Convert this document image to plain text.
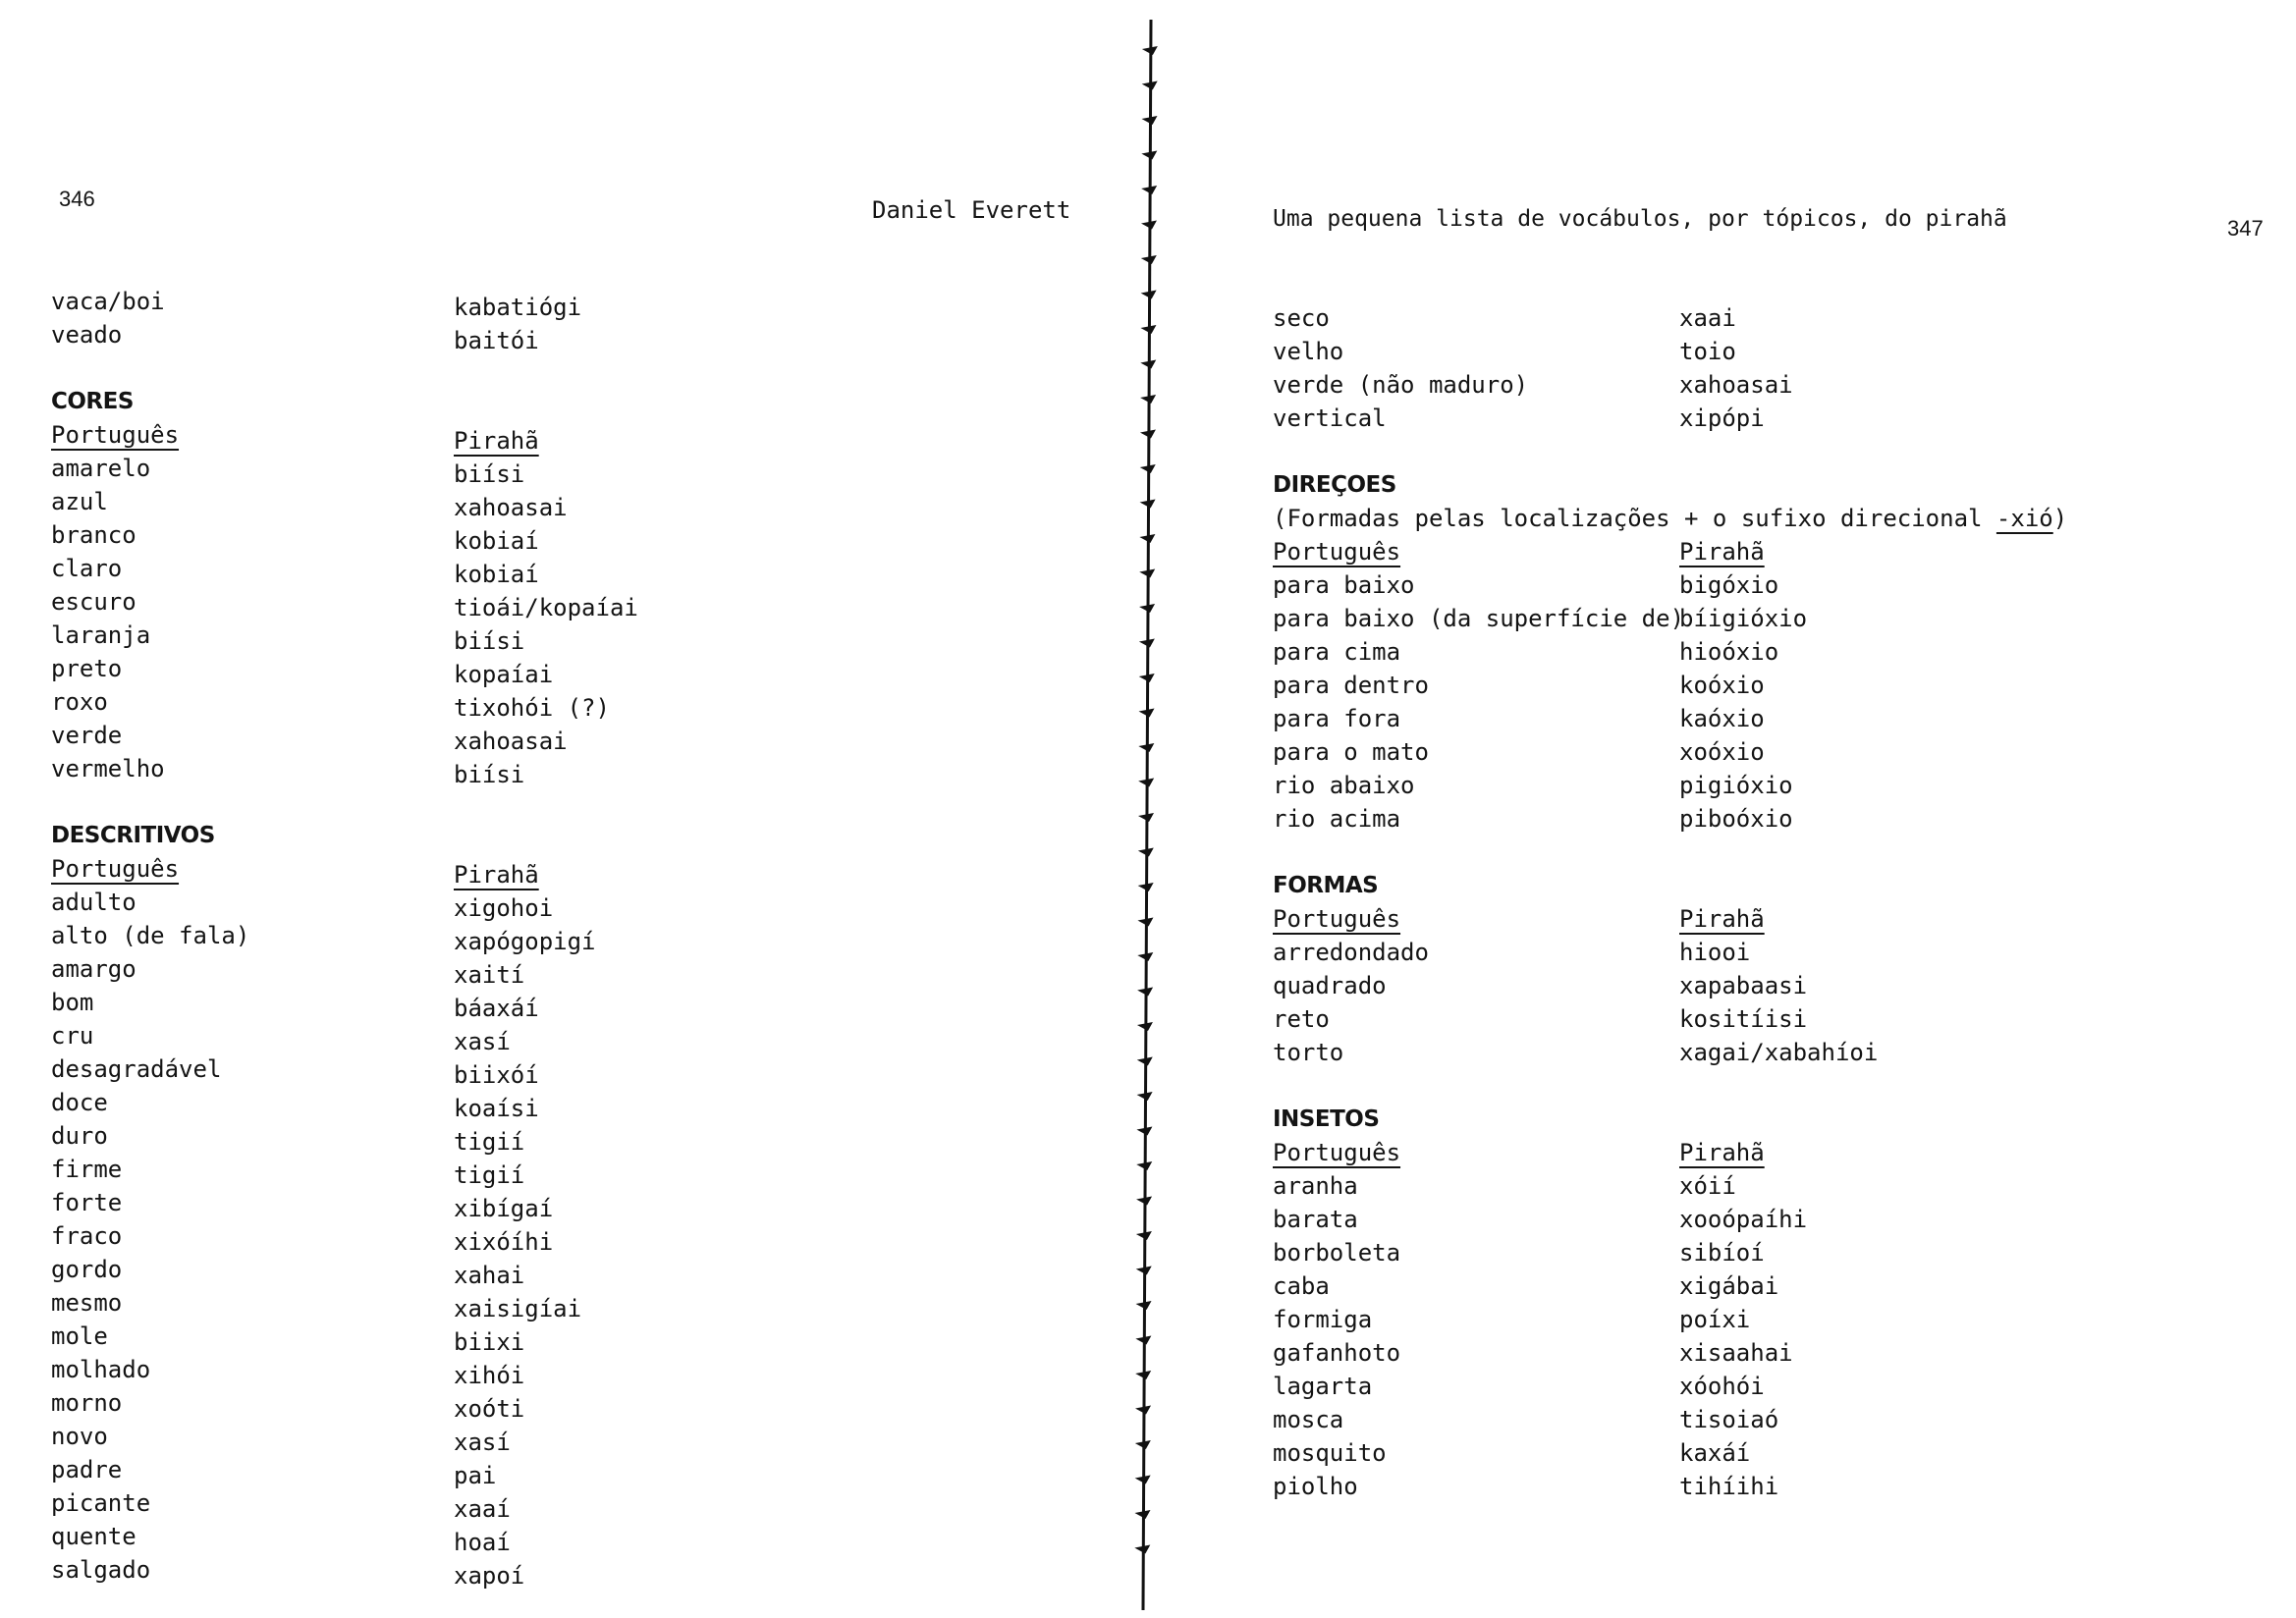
346	Daniel Everett
vaca/boi
veado
CORES
Português
amarelo
azul
branco
claro
escuro
laranja
preto
roxo
verde
vermelho
DESCRITIVOS
Português
adulto
alto (de fala)
amargo
bom
cru
desagradável
doce
duro
firme
forte
fraco
gordo
mesmo
mole
molhado
morno
novo
padre
picante
quente
salgado
kabatiógi
baitói
Pirahã
biísi
xahoasai
kobiaí
kobiaí
tioái/kopaíai
biísi
kopaíai
tixohói (?)
xahoasai
biísi
Pirahã
xigohoi
xapógopigí
xaití
báaxáí
xasí
biixóí
koaísi
tigií
tigií
xibígaí
xixóíhi
xahai
xaisigíai
biixi
xihói
xoóti
xasí
pai
xaaí
hoaí
xapoí
Uma pequena lista de vocábulos, por tópicos, do pirahã	347
seco
velho
verde (não maduro)
vertical
DIREÇOES
(Formadas pelas localizações + o sufixo direcional -xió)
Português
para baixo
para baixo (da superfície de)
para cima
para dentro
para fora
para o mato
rio abaixo
rio acima
FORMAS
Português
arredondado
quadrado
reto
torto
INSETOS
Português
aranha
barata
borboleta
caba
formiga
gafanhoto
lagarta
mosca
mosquito
piolho
xaai
toio
xahoasai
xipópi
Pirahã
bigóxio
bíigióxio
hioóxio
koóxio
kaóxio
xoóxio
pigióxio
piboóxio
Pirahã
hiooi
xapabaasi
kositíisi
xagai/xabahíoi
Pirahã
xóií
xooópaíhi
sibíoí
xigábai
poíxi
xisaahai
xóohói
tisoiaó
kaxáí
tihíihi
